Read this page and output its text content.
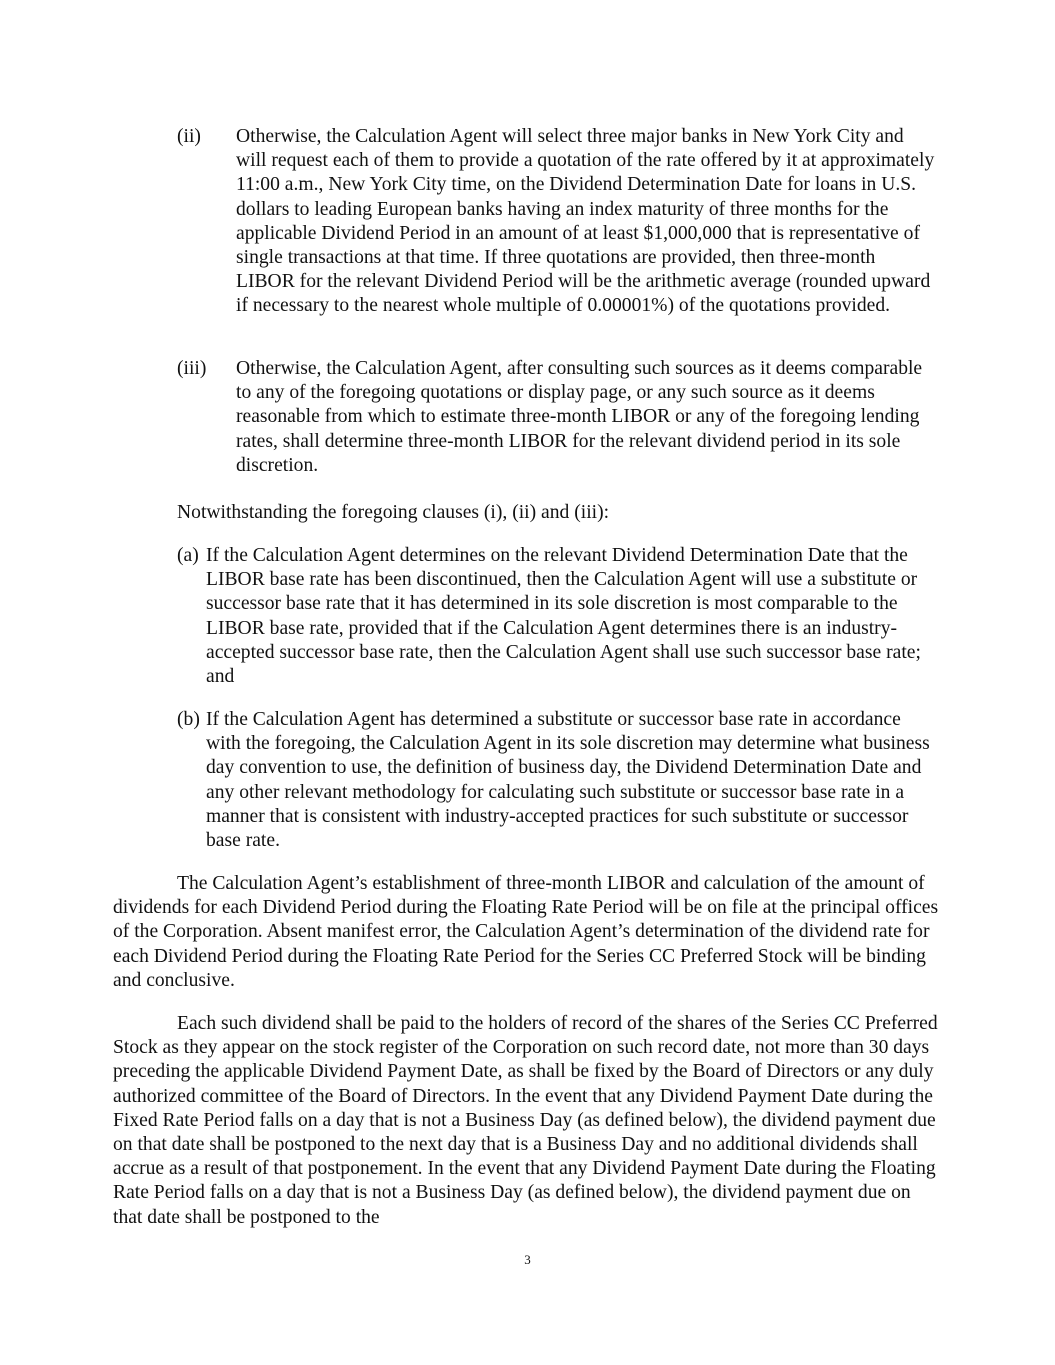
(ii) Otherwise, the Calculation Agent will select three major banks in New York City and will request each of them to provide a quotation of the rate offered by it at approximately 11:00 a.m., New York City time, on the Dividend Determination Date for loans in U.S. dollars to leading European banks having an index maturity of three months for the applicable Dividend Period in an amount of at least $1,000,000 that is representative of single transactions at that time. If three quotations are provided, then three-month LIBOR for the relevant Dividend Period will be the arithmetic average (rounded upward if necessary to the nearest whole multiple of 0.00001%) of the quotations provided.
(iii) Otherwise, the Calculation Agent, after consulting such sources as it deems comparable to any of the foregoing quotations or display page, or any such source as it deems reasonable from which to estimate three-month LIBOR or any of the foregoing lending rates, shall determine three-month LIBOR for the relevant dividend period in its sole discretion.
Notwithstanding the foregoing clauses (i), (ii) and (iii):
(a) If the Calculation Agent determines on the relevant Dividend Determination Date that the LIBOR base rate has been discontinued, then the Calculation Agent will use a substitute or successor base rate that it has determined in its sole discretion is most comparable to the LIBOR base rate, provided that if the Calculation Agent determines there is an industry-accepted successor base rate, then the Calculation Agent shall use such successor base rate; and
(b) If the Calculation Agent has determined a substitute or successor base rate in accordance with the foregoing, the Calculation Agent in its sole discretion may determine what business day convention to use, the definition of business day, the Dividend Determination Date and any other relevant methodology for calculating such substitute or successor base rate in a manner that is consistent with industry-accepted practices for such substitute or successor base rate.
The Calculation Agent’s establishment of three-month LIBOR and calculation of the amount of dividends for each Dividend Period during the Floating Rate Period will be on file at the principal offices of the Corporation. Absent manifest error, the Calculation Agent’s determination of the dividend rate for each Dividend Period during the Floating Rate Period for the Series CC Preferred Stock will be binding and conclusive.
Each such dividend shall be paid to the holders of record of the shares of the Series CC Preferred Stock as they appear on the stock register of the Corporation on such record date, not more than 30 days preceding the applicable Dividend Payment Date, as shall be fixed by the Board of Directors or any duly authorized committee of the Board of Directors. In the event that any Dividend Payment Date during the Fixed Rate Period falls on a day that is not a Business Day (as defined below), the dividend payment due on that date shall be postponed to the next day that is a Business Day and no additional dividends shall accrue as a result of that postponement. In the event that any Dividend Payment Date during the Floating Rate Period falls on a day that is not a Business Day (as defined below), the dividend payment due on that date shall be postponed to the
3
